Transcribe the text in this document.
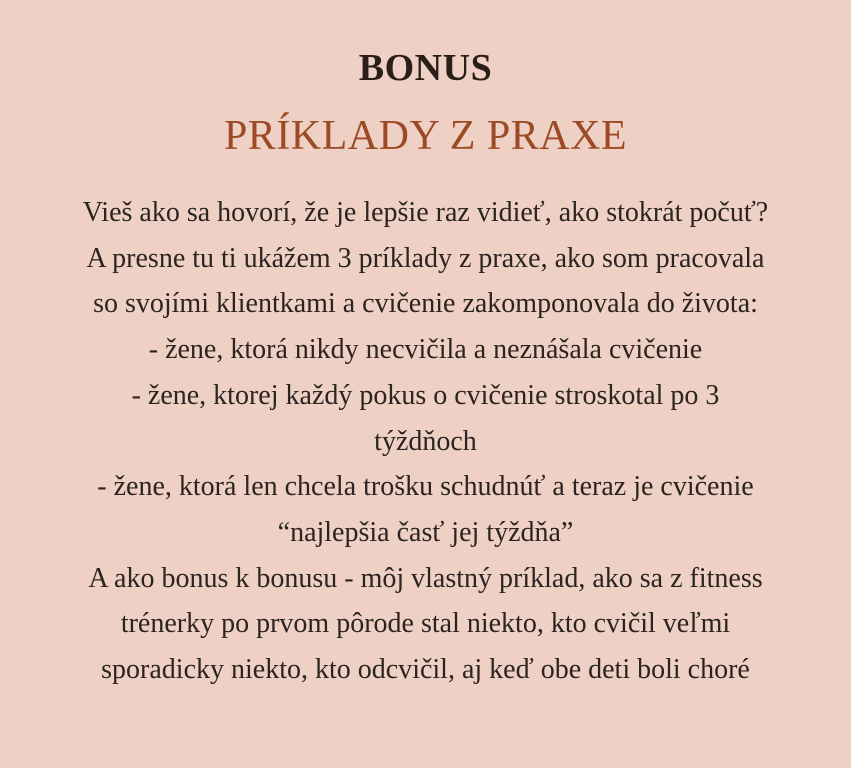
BONUS
PRÍKLADY Z PRAXE
Vieš ako sa hovorí, že je lepšie raz vidieť, ako stokrát počuť?
A presne tu ti ukážem 3 príklady z praxe, ako som pracovala
so svojími klientkami a cvičenie zakomponovala do života:
- žene, ktorá nikdy necvičila a neznášala cvičenie
- žene, ktorej každý pokus o cvičenie stroskotal po 3
týždňoch
- žene, ktorá len chcela trošku schudnúť a teraz je cvičenie
“najlepšia časť jej týždňa”
A ako bonus k bonusu - môj vlastný príklad, ako sa z fitness
trénerky po prvom pôrode stal niekto, kto cvičil veľmi
sporadicky niekto, kto odcvičil, aj keď obe deti boli choré
